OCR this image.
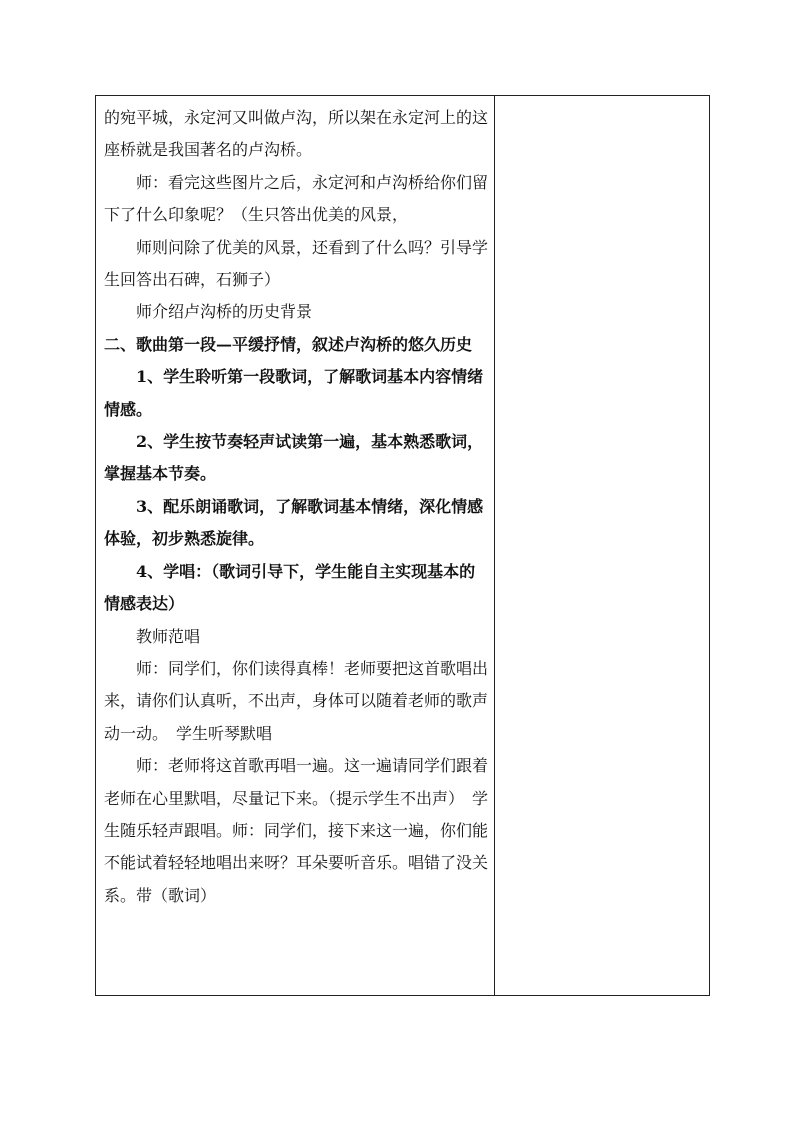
的宛平城，永定河又叫做卢沟，所以架在永定河上的这座桥就是我国著名的卢沟桥。

师：看完这些图片之后，永定河和卢沟桥给你们留下了什么印象呢？（生只答出优美的风景，

师则问除了优美的风景，还看到了什么吗？引导学生回答出石碑，石狮子）

师介绍卢沟桥的历史背景

二、歌曲第一段—平缓抒情，叙述卢沟桥的悠久历史

1、学生聆听第一段歌词，了解歌词基本内容情绪情感。

2、学生按节奏轻声试读第一遍，基本熟悉歌词，掌握基本节奏。

3、配乐朗诵歌词，了解歌词基本情绪，深化情感体验，初步熟悉旋律。

4、学唱：（歌词引导下，学生能自主实现基本的情感表达）

教师范唱

师：同学们，你们读得真棒！老师要把这首歌唱出来，请你们认真听，不出声，身体可以随着老师的歌声动一动。　学生听琴默唱

师：老师将这首歌再唱一遍。这一遍请同学们跟着老师在心里默唱，尽量记下来。（提示学生不出声）　学生随乐轻声跟唱。师：同学们，接下来这一遍，你们能不能试着轻轻地唱出来呀？耳朵要听音乐。唱错了没关系。带（歌词）
